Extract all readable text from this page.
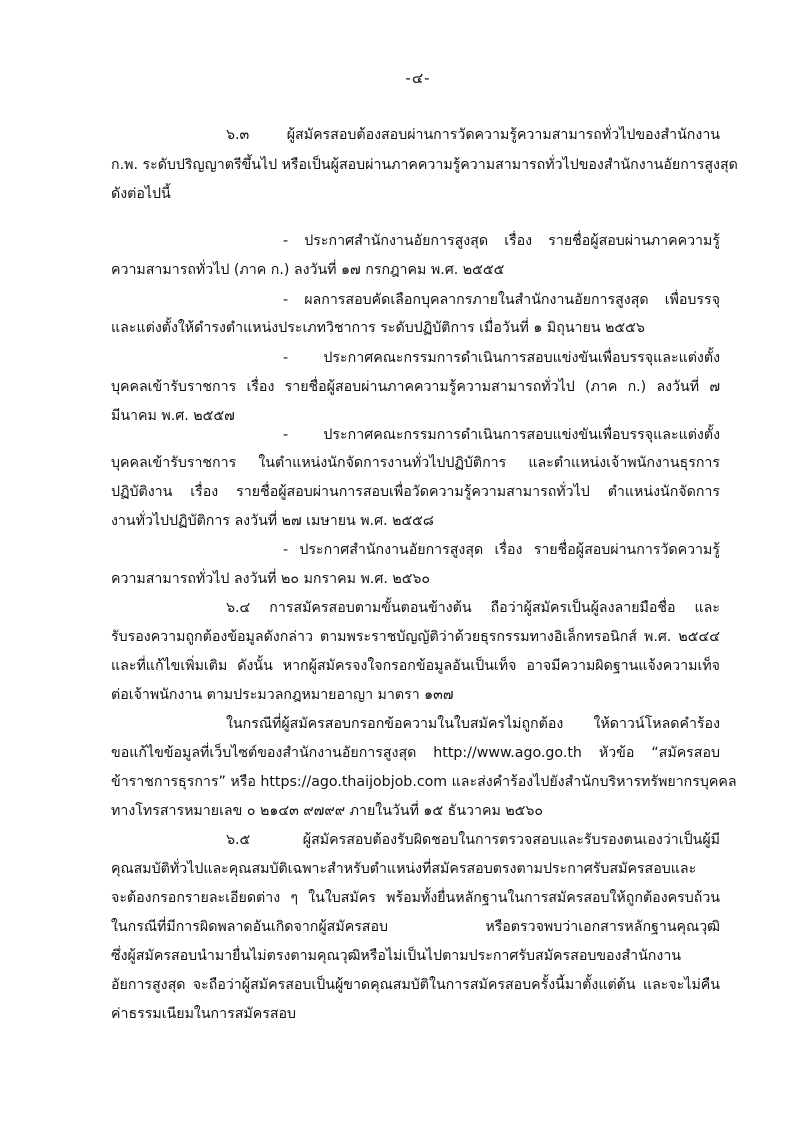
-๔-
๖.๓ ผู้สมัครสอบต้องสอบผ่านการวัดความรู้ความสามารถทั่วไปของสำนักงาน
ก.พ. ระดับปริญญาตรีขึ้นไป หรือเป็นผู้สอบผ่านภาคความรู้ความสามารถทั่วไปของสำนักงานอัยการสูงสุด
ดังต่อไปนี้
- ประกาศสำนักงานอัยการสูงสุด เรื่อง รายชื่อผู้สอบผ่านภาคความรู้
ความสามารถทั่วไป (ภาค ก.) ลงวันที่ ๑๗ กรกฎาคม พ.ศ. ๒๕๕๕
- ผลการสอบคัดเลือกบุคลากรภายในสำนักงานอัยการสูงสุด เพื่อบรรจุ
และแต่งตั้งให้ดำรงตำแหน่งประเภทวิชาการ ระดับปฏิบัติการ เมื่อวันที่ ๑ มิถุนายน ๒๕๕๖
- ประกาศคณะกรรมการดำเนินการสอบแข่งขันเพื่อบรรจุและแต่งตั้ง
บุคคลเข้ารับราชการ เรื่อง รายชื่อผู้สอบผ่านภาคความรู้ความสามารถทั่วไป (ภาค ก.) ลงวันที่ ๗
มีนาคม พ.ศ. ๒๕๕๗
- ประกาศคณะกรรมการดำเนินการสอบแข่งขันเพื่อบรรจุและแต่งตั้ง
บุคคลเข้ารับราชการ ในตำแหน่งนักจัดการงานทั่วไปปฏิบัติการ และตำแหน่งเจ้าพนักงานธุรการ
ปฏิบัติงาน เรื่อง รายชื่อผู้สอบผ่านการสอบเพื่อวัดความรู้ความสามารถทั่วไป ตำแหน่งนักจัดการ
งานทั่วไปปฏิบัติการ ลงวันที่ ๒๗ เมษายน พ.ศ. ๒๕๕๘
- ประกาศสำนักงานอัยการสูงสุด เรื่อง รายชื่อผู้สอบผ่านการวัดความรู้
ความสามารถทั่วไป ลงวันที่ ๒๐ มกราคม พ.ศ. ๒๕๖๐
๖.๔ การสมัครสอบตามขั้นตอนข้างต้น ถือว่าผู้สมัครเป็นผู้ลงลายมือชื่อ และ
รับรองความถูกต้องข้อมูลดังกล่าว ตามพระราชบัญญัติว่าด้วยธุรกรรมทางอิเล็กทรอนิกส์ พ.ศ. ๒๕๔๔
และที่แก้ไขเพิ่มเติม ดังนั้น หากผู้สมัครจงใจกรอกข้อมูลอันเป็นเท็จ อาจมีความผิดฐานแจ้งความเท็จ
ต่อเจ้าพนักงาน ตามประมวลกฎหมายอาญา มาตรา ๑๓๗
ในกรณีที่ผู้สมัครสอบกรอกข้อความในใบสมัครไม่ถูกต้อง ให้ดาวน์โหลดคำร้อง
ขอแก้ไขข้อมูลที่เว็บไซต์ของสำนักงานอัยการสูงสุด http://www.ago.go.th หัวข้อ “สมัครสอบ
ข้าราชการธุรการ” หรือ https://ago.thaijobjob.com และส่งคำร้องไปยังสำนักบริหารทรัพยากรบุคคล
ทางโทรสารหมายเลข ๐ ๒๑๔๓ ๙๗๙๙ ภายในวันที่ ๑๕ ธันวาคม ๒๕๖๐
๖.๕ ผู้สมัครสอบต้องรับผิดชอบในการตรวจสอบและรับรองตนเองว่าเป็นผู้มี
คุณสมบัติทั่วไปและคุณสมบัติเฉพาะสำหรับตำแหน่งที่สมัครสอบตรงตามประกาศรับสมัครสอบและ
จะต้องกรอกรายละเอียดต่าง ๆ ในใบสมัคร พร้อมทั้งยื่นหลักฐานในการสมัครสอบให้ถูกต้องครบถ้วน
ในกรณีที่มีการผิดพลาดอันเกิดจากผู้สมัครสอบ หรือตรวจพบว่าเอกสารหลักฐานคุณวุฒิ
ซึ่งผู้สมัครสอบนำมายื่นไม่ตรงตามคุณวุฒิหรือไม่เป็นไปตามประกาศรับสมัครสอบของสำนักงาน
อัยการสูงสุด จะถือว่าผู้สมัครสอบเป็นผู้ขาดคุณสมบัติในการสมัครสอบครั้งนี้มาตั้งแต่ต้น และจะไม่คืน
ค่าธรรมเนียมในการสมัครสอบ
